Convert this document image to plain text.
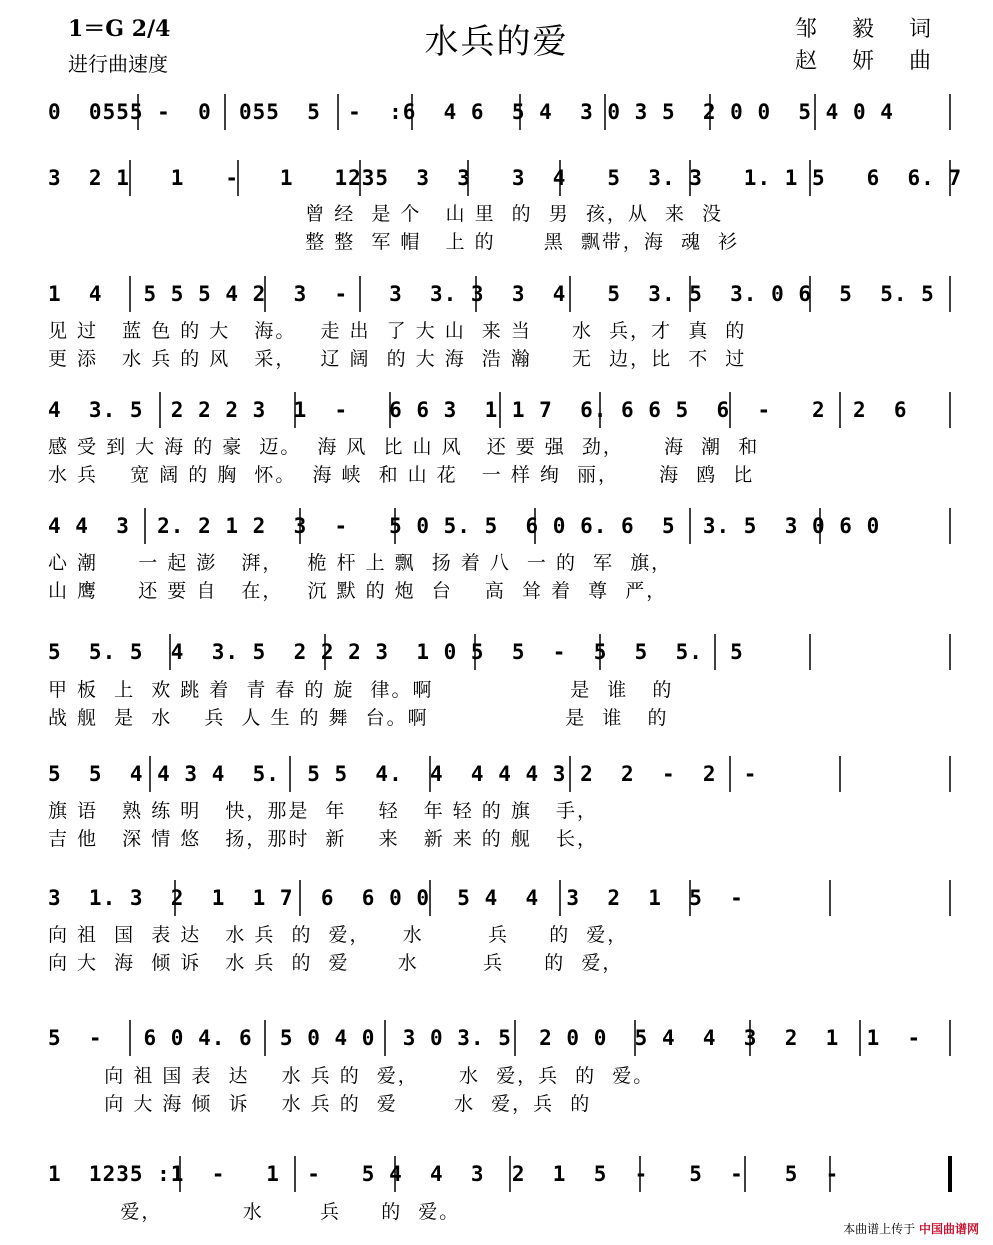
1＝G 2/4
进行曲速度
水兵的爱	邹 毅 词
赵 妍 曲
0  0555 -  0  055  5  -  :6  4 6  5 4  3 0 3 5  2 0 0  5 4 0 4
3  2 1   1   -   1   1235  3  3   3  4   5  3. 3   1. 1 5   6  6. 7
曾 经  是 个   山 里  的  男  孩，从  来  没
整 整  军 帽   上 的      黑  飘带，海  魂  衫
1  4   5 5 5 4 2  3  -   3  3. 3  3  4   5  3. 5  3. 0 6  5  5. 5
见 过   蓝 色 的 大   海。   走 出  了 大 山  来 当     水  兵，才  真  的
更 添   水 兵 的 风   采，   辽 阔  的 大 海  浩 瀚     无  边，比  不  过
4  3. 5  2 2 2 3  1  -   6 6 3  1 1 7  6. 6 6 5  6  -   2  2  6
感 受 到 大 海 的 豪  迈。  海 风  比 山 风   还 要 强  劲，     海  潮  和
水 兵    宽 阔 的 胸  怀。  海 峡  和 山 花   一 样 绚  丽，     海  鸥  比
4 4  3  2. 2 1 2  3  -   5 0 5. 5  6 0 6. 6  5  3. 5  3 0 6 0
心 潮     一 起 澎   湃，   桅 杆 上 飘  扬 着 八  一 的  军  旗，
山 鹰     还 要 自   在，   沉 默 的 炮  台    高  耸 着  尊  严，
5  5. 5  4  3. 5  2 2 2 3  1 0 5  5  -  5  5  5.  5
甲 板  上  欢 跳 着  青 春 的 旋  律。啊                 是  谁   的
战 舰  是  水    兵  人 生 的 舞  台。啊                 是  谁   的
5  5  4 4 3 4  5.  5 5  4.  4  4 4 4 3 2  2  -  2  -
旗 语   熟 练 明   快，那是  年    轻   年 轻 的 旗   手，
吉 他   深 情 悠   扬，那时  新    来   新 来 的 舰   长，
3  1. 3  2  1  1 7  6  6 0 0  5 4  4  3  2  1  5  -
向 祖  国  表 达   水 兵  的  爱，    水        兵     的  爱，
向 大  海  倾 诉   水 兵  的  爱      水        兵     的  爱，
5  -   6 0 4. 6  5 0 4 0  3 0 3. 5  2 0 0  5 4  4  3  2  1  1  -
向 祖 国 表  达    水 兵 的  爱，     水  爱，兵  的  爱。
向 大 海 倾  诉    水 兵 的  爱       水  爱，兵  的
1  1235 :1  -   1  -   5 4  4  3  2  1  5  -   5  -   5  -
爱，          水       兵     的  爱。
本曲谱上传于 中国曲谱网
